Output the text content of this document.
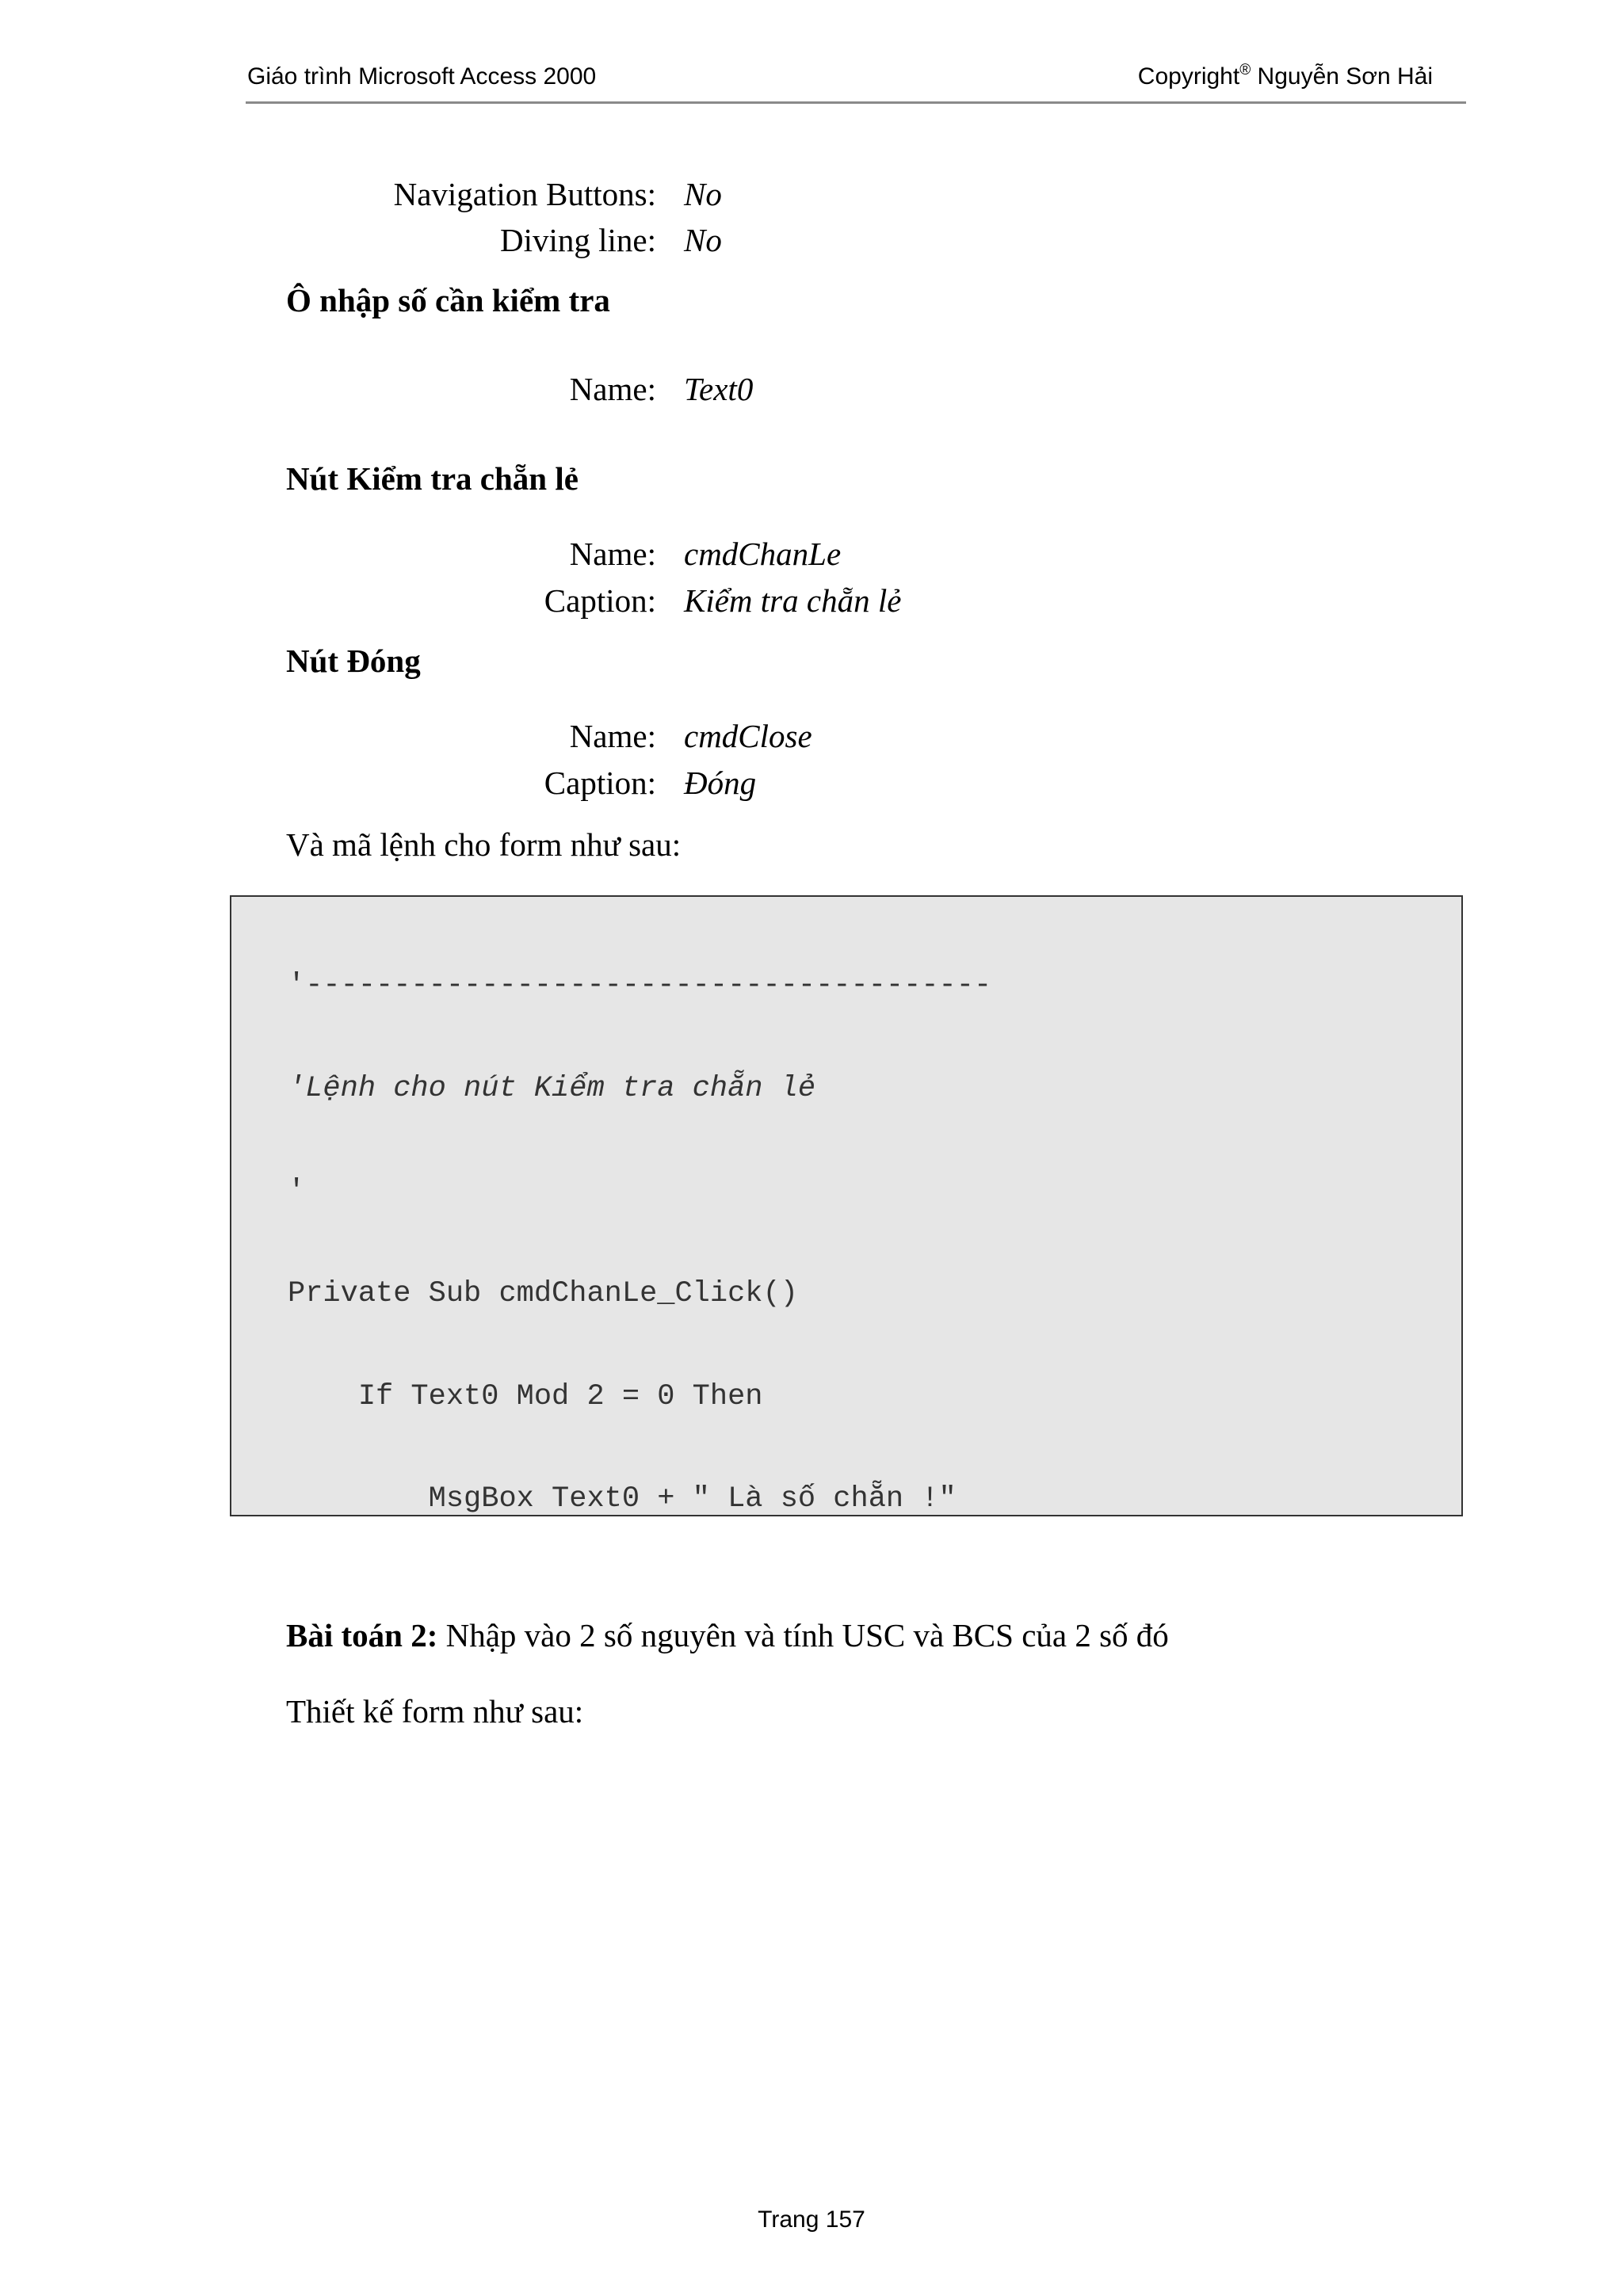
Giáo trình Microsoft Access 2000	Copyright® Nguyễn Sơn Hải
Navigation Buttons: No
Diving line: No
Ô nhập số cần kiểm tra
Name: Text0
Nút Kiểm tra chẵn lẻ
Name: cmdChanLe
Caption: Kiểm tra chẵn lẻ
Nút Đóng
Name: cmdClose
Caption: Đóng
Và mã lệnh cho form như sau:

'---------------------------------------

'Lệnh cho nút Kiểm tra chẵn lẻ

'

Private Sub cmdChanLe_Click()

If Text0 Mod 2 = 0 Then

MsgBox Text0 + " Là số chẵn !"

Bài toán 2: Nhập vào 2 số nguyên và tính USC và BCS của 2 số đó
Thiết kế form như sau:
Trang 157
